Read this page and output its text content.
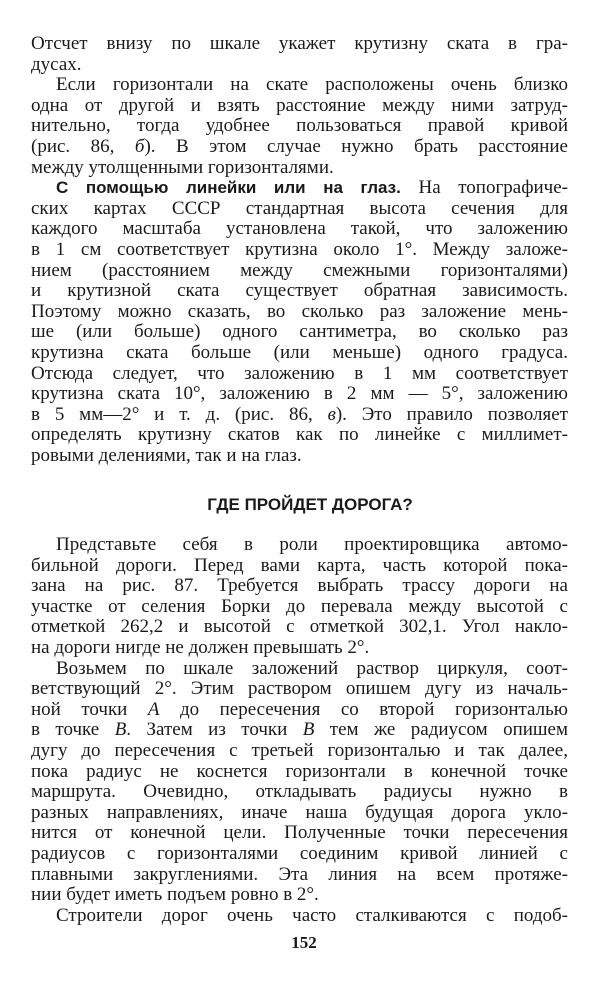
Отсчет внизу по шкале укажет крутизну ската в гра-
дусах.
Если горизонтали на скате расположены очень близко
одна от другой и взять расстояние между ними затруд-
нительно, тогда удобнее пользоваться правой кривой
(рис. 86, б). В этом случае нужно брать расстояние
между утолщенными горизонталями.
С помощью линейки или на глаз. На топографиче-
ских картах СССР стандартная высота сечения для
каждого масштаба установлена такой, что заложению
в 1 см соответствует крутизна около 1°. Между заложе-
нием (расстоянием между смежными горизонталями)
и крутизной ската существует обратная зависимость.
Поэтому можно сказать, во сколько раз заложение мень-
ше (или больше) одного сантиметра, во сколько раз
крутизна ската больше (или меньше) одного градуса.
Отсюда следует, что заложению в 1 мм соответствует
крутизна ската 10°, заложению в 2 мм — 5°, заложению
в 5 мм—2° и т. д. (рис. 86, в). Это правило позволяет
определять крутизну скатов как по линейке с миллимет-
ровыми делениями, так и на глаз.
ГДЕ ПРОЙДЕТ ДОРОГА?
Представьте себя в роли проектировщика автомо-
бильной дороги. Перед вами карта, часть которой пока-
зана на рис. 87. Требуется выбрать трассу дороги на
участке от селения Борки до перевала между высотой с
отметкой 262,2 и высотой с отметкой 302,1. Угол накло-
на дороги нигде не должен превышать 2°.
Возьмем по шкале заложений раствор циркуля, соот-
ветствующий 2°. Этим раствором опишем дугу из началь-
ной точки A до пересечения со второй горизонталью
в точке B. Затем из точки B тем же радиусом опишем
дугу до пересечения с третьей горизонталью и так далее,
пока радиус не коснется горизонтали в конечной точке
маршрута. Очевидно, откладывать радиусы нужно в
разных направлениях, иначе наша будущая дорога укло-
нится от конечной цели. Полученные точки пересечения
радиусов с горизонталями соединим кривой линией с
плавными закруглениями. Эта линия на всем протяже-
нии будет иметь подъем ровно в 2°.
Строители дорог очень часто сталкиваются с подоб-
152
